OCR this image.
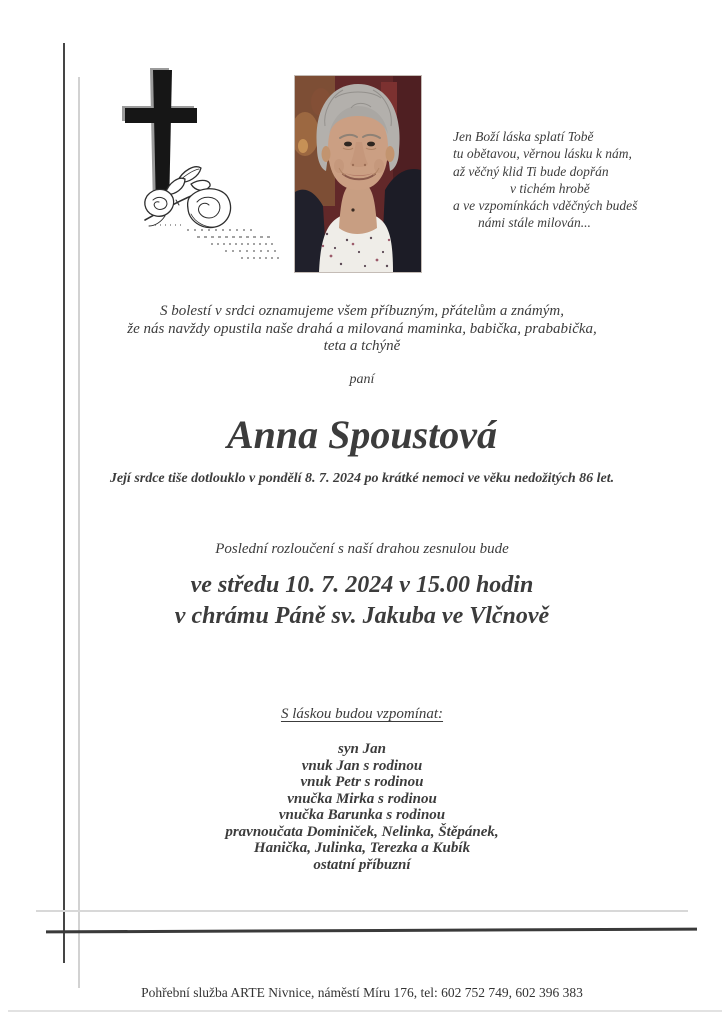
Jen Boží láska splatí Tobě
tu obětavou, věrnou lásku k nám,
až věčný klid Ti bude dopřán
v tichém hrobě
a ve vzpomínkách vděčných budeš
námi stále milován...
S bolestí v srdci oznamujeme všem příbuzným, přátelům a známým,
že nás navždy opustila naše drahá a milovaná maminka, babička, prababička,
teta a tchýně
paní
Anna Spoustová
Její srdce tiše dotlouklo v pondělí 8. 7. 2024 po krátké nemoci ve věku nedožitých 86 let.
Poslední rozloučení s naší drahou zesnulou bude
ve středu 10. 7. 2024 v 15.00 hodin
v chrámu Páně sv. Jakuba ve Vlčnově
S láskou budou vzpomínat:
syn Jan
vnuk Jan s rodinou
vnuk Petr s rodinou
vnučka Mirka s rodinou
vnučka Barunka s rodinou
pravnoučata Dominiček, Nelinka, Štěpánek,
Hanička, Julinka, Terezka a Kubík
ostatní příbuzní
Pohřební služba ARTE Nivnice, náměstí Míru 176, tel: 602 752 749, 602 396 383
